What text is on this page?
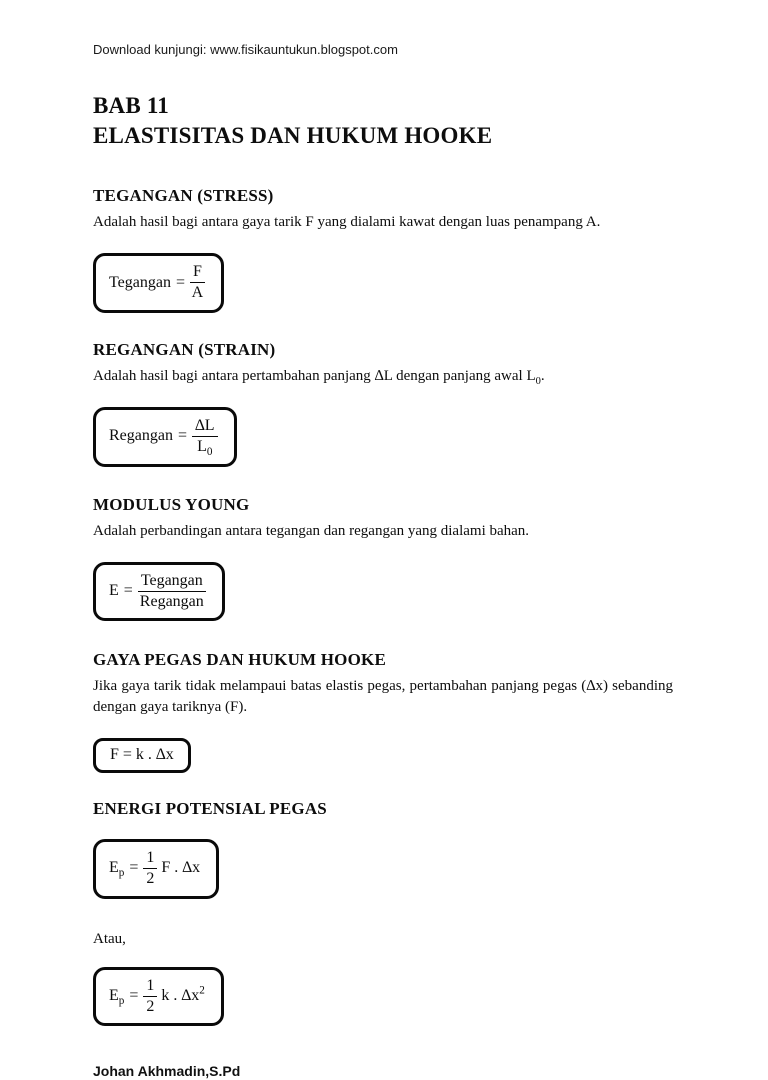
Download kunjungi: www.fisikauntukun.blogspot.com
BAB 11
ELASTISITAS DAN HUKUM HOOKE
TEGANGAN (STRESS)

Adalah hasil bagi antara gaya tarik F yang dialami kawat dengan luas penampang A.

Tegangan = $\frac{F}{A}$
REGANGAN (STRAIN)

Adalah hasil bagi antara pertambahan panjang ∆L dengan panjang awal $L_0$.

Regangan = $\frac{\Delta L}{L_0}$
MODULUS YOUNG

Adalah perbandingan antara tegangan dan regangan yang dialami bahan.

$E = \frac{\text{Tegangan}}{\text{Regangan}}$
GAYA PEGAS DAN HUKUM HOOKE

Jika gaya tarik tidak melampaui batas elastis pegas, pertambahan panjang pegas (∆x) sebanding dengan gaya tariknya (F).

F = k . ∆x
ENERGI POTENSIAL PEGAS
$E_p = \frac{1}{2}$ F . ∆x

Atau,

$E_p = \frac{1}{2}$ k . $\Delta x^2$
Johan Akhmadin,S.Pd
